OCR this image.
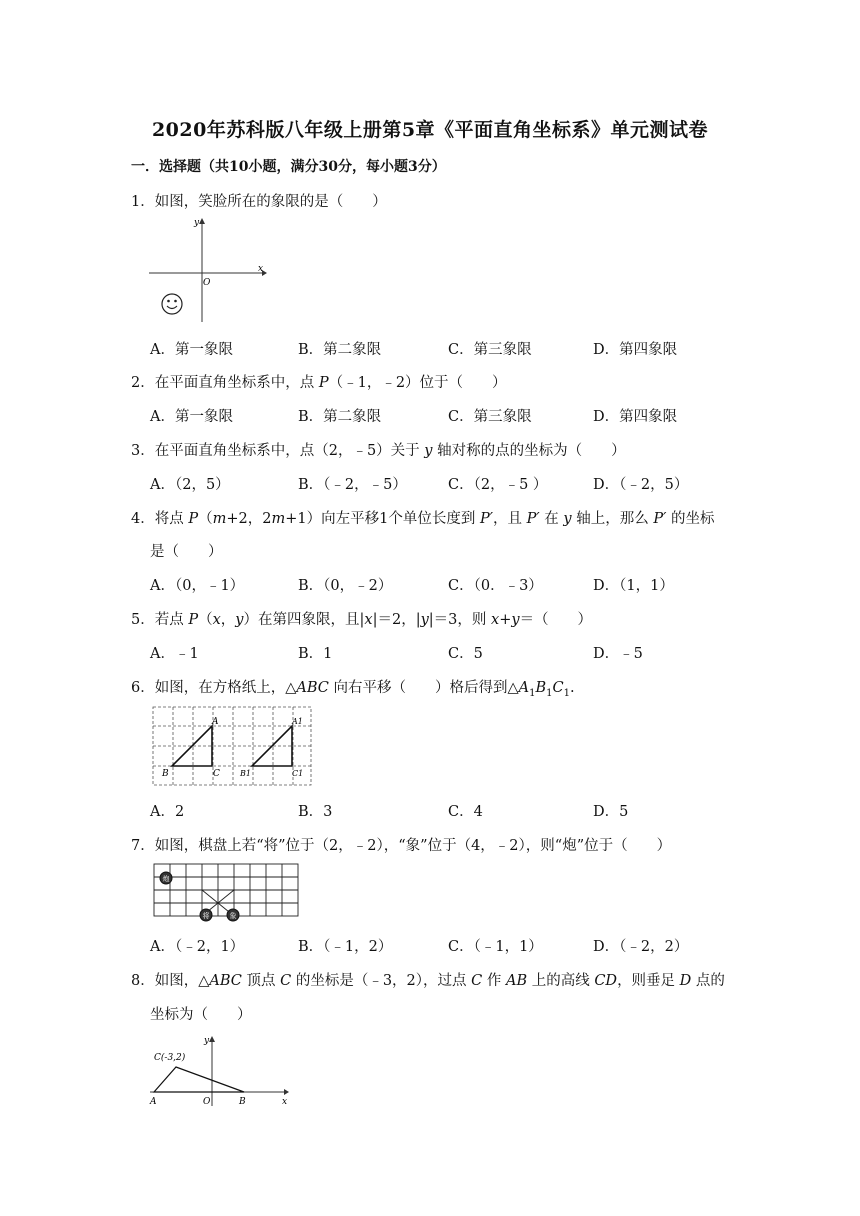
2020年苏科版八年级上册第5章《平面直角坐标系》单元测试卷
一．选择题（共10小题，满分30分，每小题3分）
1．如图，笑脸所在的象限的是（　　）
x
y
O
A．第一象限	B．第二象限	C．第三象限	D．第四象限
2．在平面直角坐标系中，点 P（﹣1，﹣2）位于（　　）
A．第一象限	B．第二象限	C．第三象限	D．第四象限
3．在平面直角坐标系中，点（2，﹣5）关于 y 轴对称的点的坐标为（　　）
A．（2，5）	B．（﹣2，﹣5）	C．（2，﹣5 ）	D．（﹣2，5）
4．将点 P（m+2，2m+1）向左平移1个单位长度到 P′，且 P′ 在 y 轴上，那么 P′ 的坐标
是（　　）
A．（0，﹣1）	B．（0，﹣2）	C．（0．﹣3）	D．（1，1）
5．若点 P（x，y）在第四象限，且|x|＝2，|y|＝3，则 x+y＝（　　）
A．﹣1	B．1	C．5	D．﹣5
6．如图，在方格纸上，△ABC 向右平移（　　）格后得到$\triangle A_1B_1C_1$.
A
B	C
A1
B1	C1
A．2	B．3	C．4	D．5
7．如图，棋盘上若“将”位于（2，﹣2），“象”位于（4，﹣2），则“炮”位于（　　）
炮
将	象
A．（﹣2，1）	B．（﹣1，2）	C．（﹣1，1）	D．（﹣2，2）
8．如图，△ABC 顶点 C 的坐标是（﹣3，2），过点 C 作 AB 上的高线 CD，则垂足 D 点的
坐标为（　　）
C(-3,2)
A	O	B	x
y
